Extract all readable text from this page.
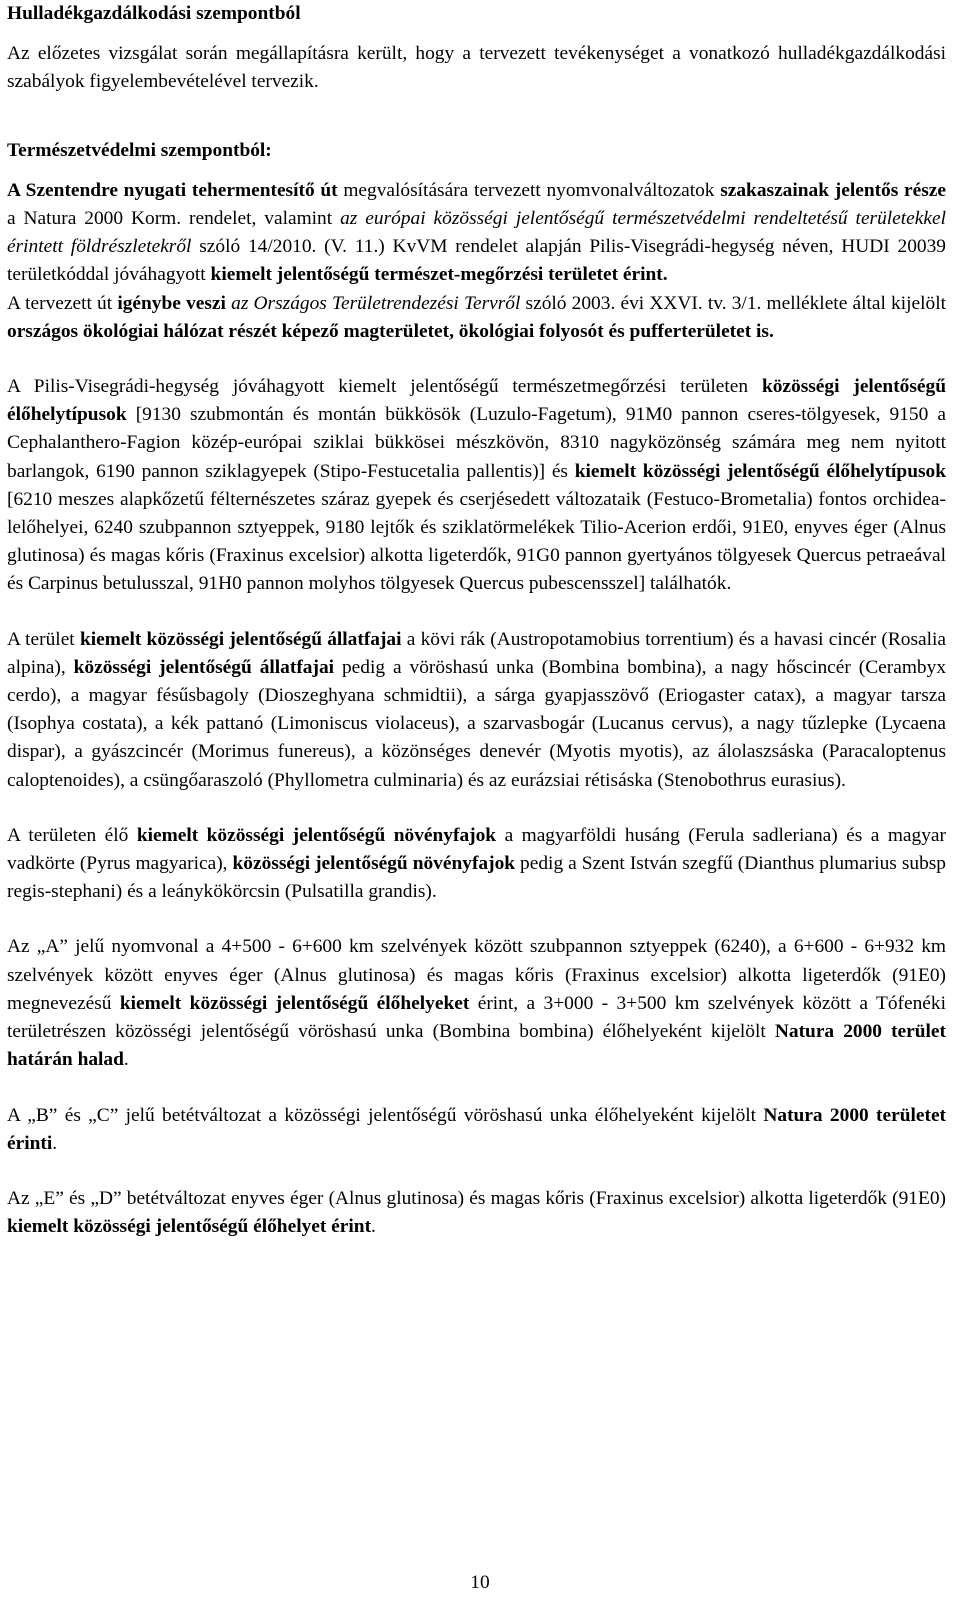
Hulladékgazdálkodási szempontból

Az előzetes vizsgálat során megállapításra került, hogy a tervezett tevékenységet a vonatkozó hulladékgazdálkodási szabályok figyelembevételével tervezik.

Természetvédelmi szempontból:

A Szentendre nyugati tehermentesítő út megvalósítására tervezett nyomvonalváltozatok szakaszainak jelentős része a Natura 2000 Korm. rendelet, valamint az európai közösségi jelentőségű természetvédelmi rendeltetésű területekkel érintett földrészletekről szóló 14/2010. (V. 11.) KvVM rendelet alapján Pilis-Visegrádi-hegység néven, HUDI 20039 területkóddal jóváhagyott kiemelt jelentőségű természet-megőrzési területet érint.

A tervezett út igénybe veszi az Országos Területrendezési Tervről szóló 2003. évi XXVI. tv. 3/1. melléklete által kijelölt országos ökológiai hálózat részét képező magterületet, ökológiai folyosót és pufferterületet is.

A Pilis-Visegrádi-hegység jóváhagyott kiemelt jelentőségű természetmegőrzési területen közösségi jelentőségű élőhelytípusok [9130 szubmontán és montán bükkösök (Luzulo-Fagetum), 91M0 pannon cseres-tölgyesek, 9150 a Cephalanthero-Fagion közép-európai sziklai bükkösei mészkövön, 8310 nagyközönség számára meg nem nyitott barlangok, 6190 pannon sziklagyepek (Stipo-Festucetalia pallentis)] és kiemelt közösségi jelentőségű élőhelytípusok [6210 meszes alapkőzetű félternészetes száraz gyepek és cserjésedett változataik (Festuco-Brometalia) fontos orchidea-lelőhelyei, 6240 szubpannon sztyeppek, 9180 lejtők és sziklatörmelékek Tilio-Acerion erdői, 91E0, enyves éger (Alnus glutinosa) és magas kőris (Fraxinus excelsior) alkotta ligeterdők, 91G0 pannon gyertyános tölgyesek Quercus petraeával és Carpinus betulusszal, 91H0 pannon molyhos tölgyesek Quercus pubescensszel] találhatók.

A terület kiemelt közösségi jelentőségű állatfajai a kövi rák (Austropotamobius torrentium) és a havasi cincér (Rosalia alpina), közösségi jelentőségű állatfajai pedig a vöröshasú unka (Bombina bombina), a nagy hőscincér (Cerambyx cerdo), a magyar fésűsbagoly (Dioszeghyana schmidtii), a sárga gyapjasszövő (Eriogaster catax), a magyar tarsza (Isophya costata), a kék pattanó (Limoniscus violaceus), a szarvasbogár (Lucanus cervus), a nagy tűzlepke (Lycaena dispar), a gyászcincér (Morimus funereus), a közönséges denevér (Myotis myotis), az álolaszsáska (Paracaloptenus caloptenoides), a csüngőaraszoló (Phyllometra culminaria) és az eurázsiai rétisáska (Stenobothrus eurasius).

A területen élő kiemelt közösségi jelentőségű növényfajok a magyarföldi husáng (Ferula sadleriana) és a magyar vadkörte (Pyrus magyarica), közösségi jelentőségű növényfajok pedig a Szent István szegfű (Dianthus plumarius subsp regis-stephani) és a leánykökörcsin (Pulsatilla grandis).

Az „A” jelű nyomvonal a 4+500 - 6+600 km szelvények között szubpannon sztyeppek (6240), a 6+600 - 6+932 km szelvények között enyves éger (Alnus glutinosa) és magas kőris (Fraxinus excelsior) alkotta ligeterdők (91E0) megnevezésű kiemelt közösségi jelentőségű élőhelyeket érint, a 3+000 - 3+500 km szelvények között a Tófenéki területrészen közösségi jelentőségű vöröshasú unka (Bombina bombina) élőhelyeként kijelölt Natura 2000 terület határán halad.

A „B” és „C” jelű betétváltozat a közösségi jelentőségű vöröshasú unka élőhelyeként kijelölt Natura 2000 területet érinti.

Az „E” és „D” betétváltozat enyves éger (Alnus glutinosa) és magas kőris (Fraxinus excelsior) alkotta ligeterdők (91E0) kiemelt közösségi jelentőségű élőhelyet érint.

10
